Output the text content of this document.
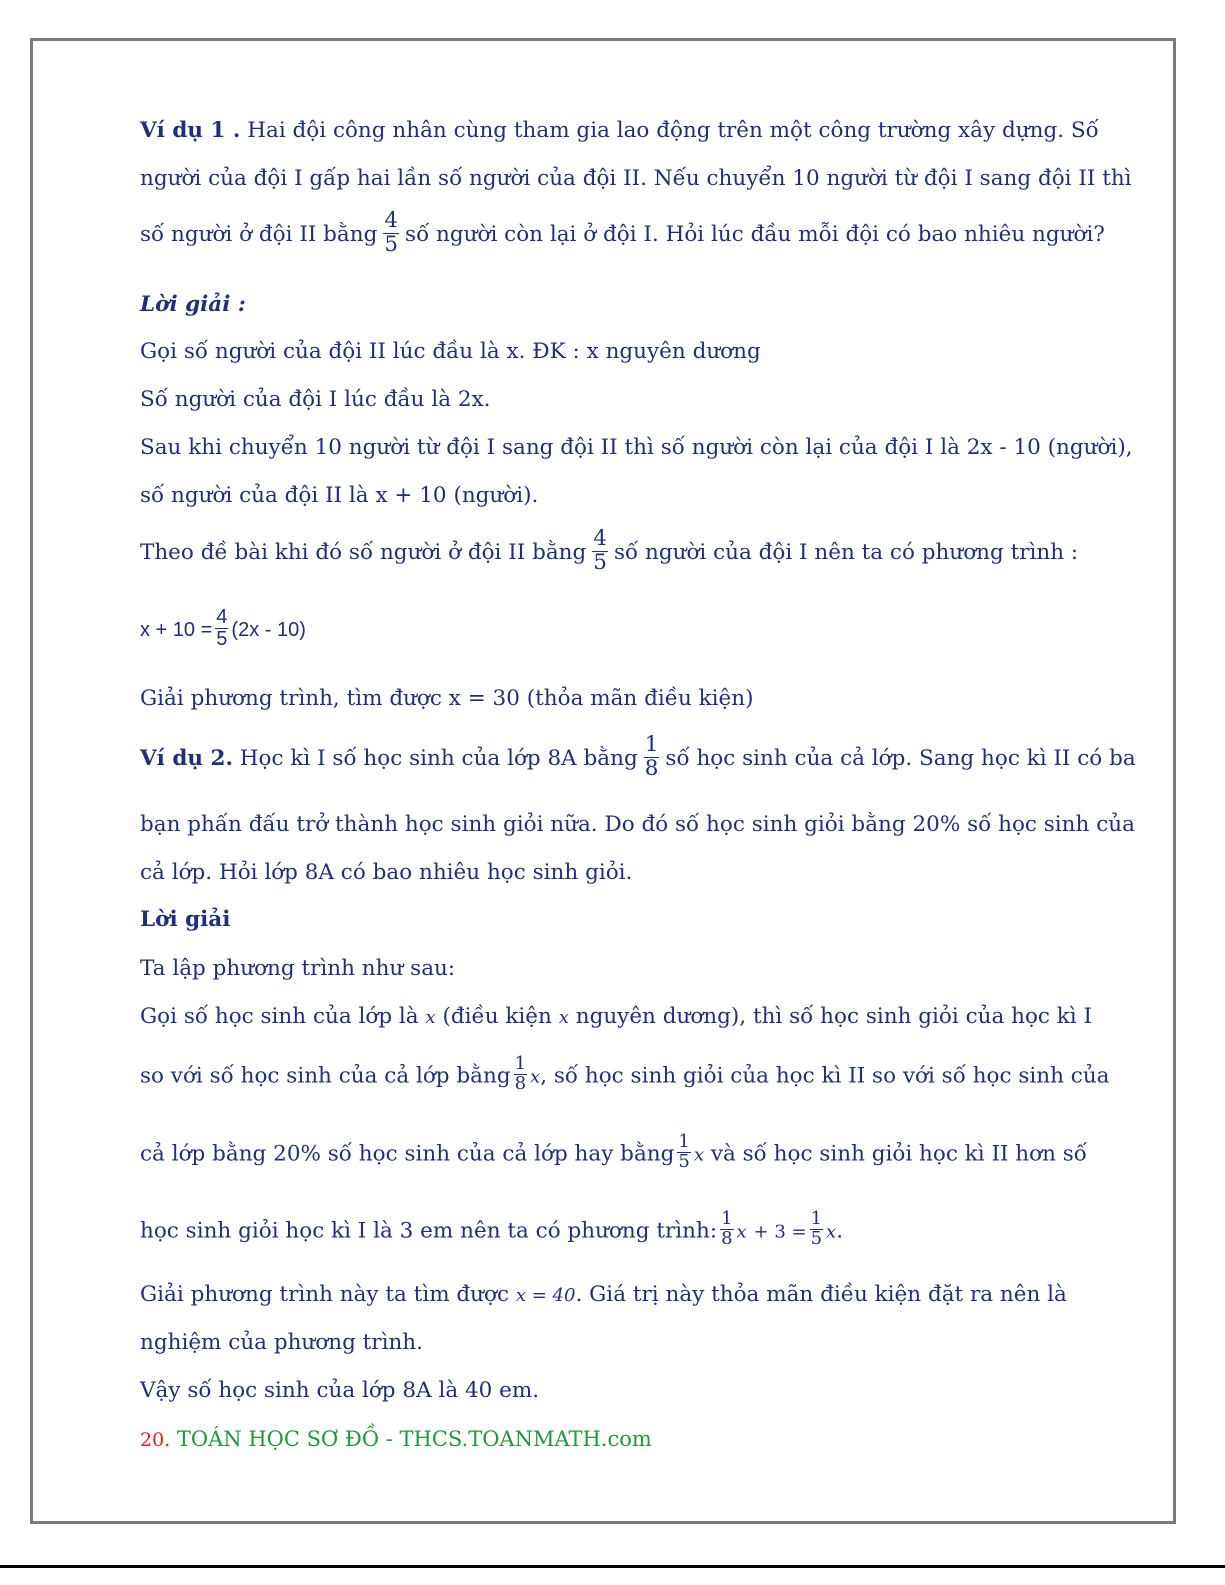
Ví dụ 1 . Hai đội công nhân cùng tham gia lao động trên một công trường xây dựng. Số
người của đội I gấp hai lần số người của đội II. Nếu chuyển 10 người từ đội I sang đội II thì
số người ở đội II bằng $\frac{4}{5}$ số người còn lại ở đội I. Hỏi lúc đầu mỗi đội có bao nhiêu người?
Lời giải :
Gọi số người của đội II lúc đầu là x. ĐK : x nguyên dương
Số người của đội I lúc đầu là 2x.
Sau khi chuyển 10 người từ đội I sang đội II thì số người còn lại của đội I là 2x - 10 (người),
số người của đội II là x + 10 (người).
Theo đề bài khi đó số người ở đội II bằng $\frac{4}{5}$ số người của đội I nên ta có phương trình :
$x + 10 = \frac{4}{5} (2x - 10)$
Giải phương trình, tìm được x = 30 (thỏa mãn điều kiện)
Ví dụ 2. Học kì I số học sinh của lớp 8A bằng $\frac{1}{8}$ số học sinh của cả lớp. Sang học kì II có ba
bạn phấn đấu trở thành học sinh giỏi nữa. Do đó số học sinh giỏi bằng 20% số học sinh của
cả lớp. Hỏi lớp 8A có bao nhiêu học sinh giỏi.
Lời giải
Ta lập phương trình như sau:
Gọi số học sinh của lớp là x (điều kiện x nguyên dương), thì số học sinh giỏi của học kì I
so với số học sinh của cả lớp bằng $\frac{1}{8} x$, số học sinh giỏi của học kì II so với số học sinh của
cả lớp bằng 20% số học sinh của cả lớp hay bằng $\frac{1}{5}$ x và số học sinh giỏi học kì II hơn số
học sinh giỏi học kì I là 3 em nên ta có phương trình: $\frac{1}{8}$ $x + 3 = \frac{1}{5} x$.
Giải phương trình này ta tìm được x = 40. Giá trị này thỏa mãn điều kiện đặt ra nên là
nghiệm của phương trình.
Vậy số học sinh của lớp 8A là 40 em.
20. TOÁN HỌC SƠ ĐỒ - THCS.TOANMATH.com
